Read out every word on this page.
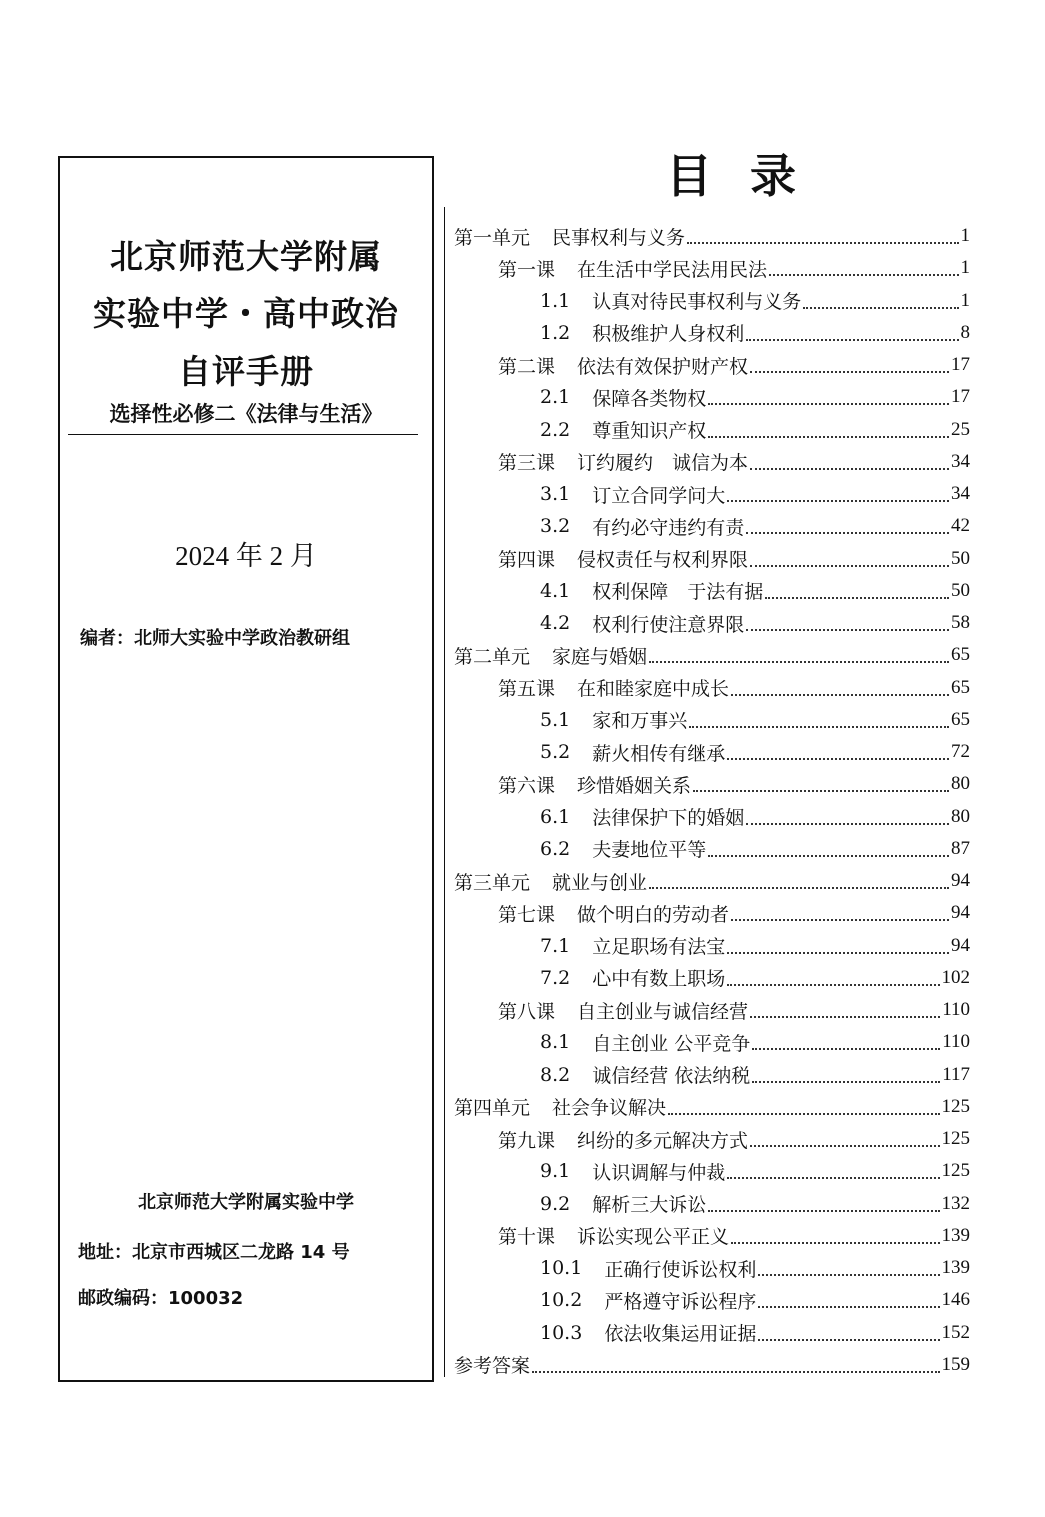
北京师范大学附属
实验中学・高中政治
自评手册
选择性必修二《法律与生活》
2024 年 2 月
编者：北师大实验中学政治教研组
北京师范大学附属实验中学
地址：北京市西城区二龙路 14 号
邮政编码：100032
目录
第一单元 民事权利与义务	1
第一课 在生活中学民法用民法	1
1.1 认真对待民事权利与义务	1
1.2 积极维护人身权利	8
第二课 依法有效保护财产权	17
2.1 保障各类物权	17
2.2 尊重知识产权	25
第三课 订约履约　诚信为本	34
3.1 订立合同学问大	34
3.2 有约必守违约有责	42
第四课 侵权责任与权利界限	50
4.1 权利保障　于法有据	50
4.2 权利行使注意界限	58
第二单元 家庭与婚姻	65
第五课 在和睦家庭中成长	65
5.1 家和万事兴	65
5.2 薪火相传有继承	72
第六课 珍惜婚姻关系	80
6.1 法律保护下的婚姻	80
6.2 夫妻地位平等	87
第三单元 就业与创业	94
第七课 做个明白的劳动者	94
7.1 立足职场有法宝	94
7.2 心中有数上职场	102
第八课 自主创业与诚信经营	110
8.1 自主创业 公平竞争	110
8.2 诚信经营 依法纳税	117
第四单元 社会争议解决	125
第九课 纠纷的多元解决方式	125
9.1 认识调解与仲裁	125
9.2 解析三大诉讼	132
第十课 诉讼实现公平正义	139
10.1 正确行使诉讼权利	139
10.2 严格遵守诉讼程序	146
10.3 依法收集运用证据	152
参考答案	159
